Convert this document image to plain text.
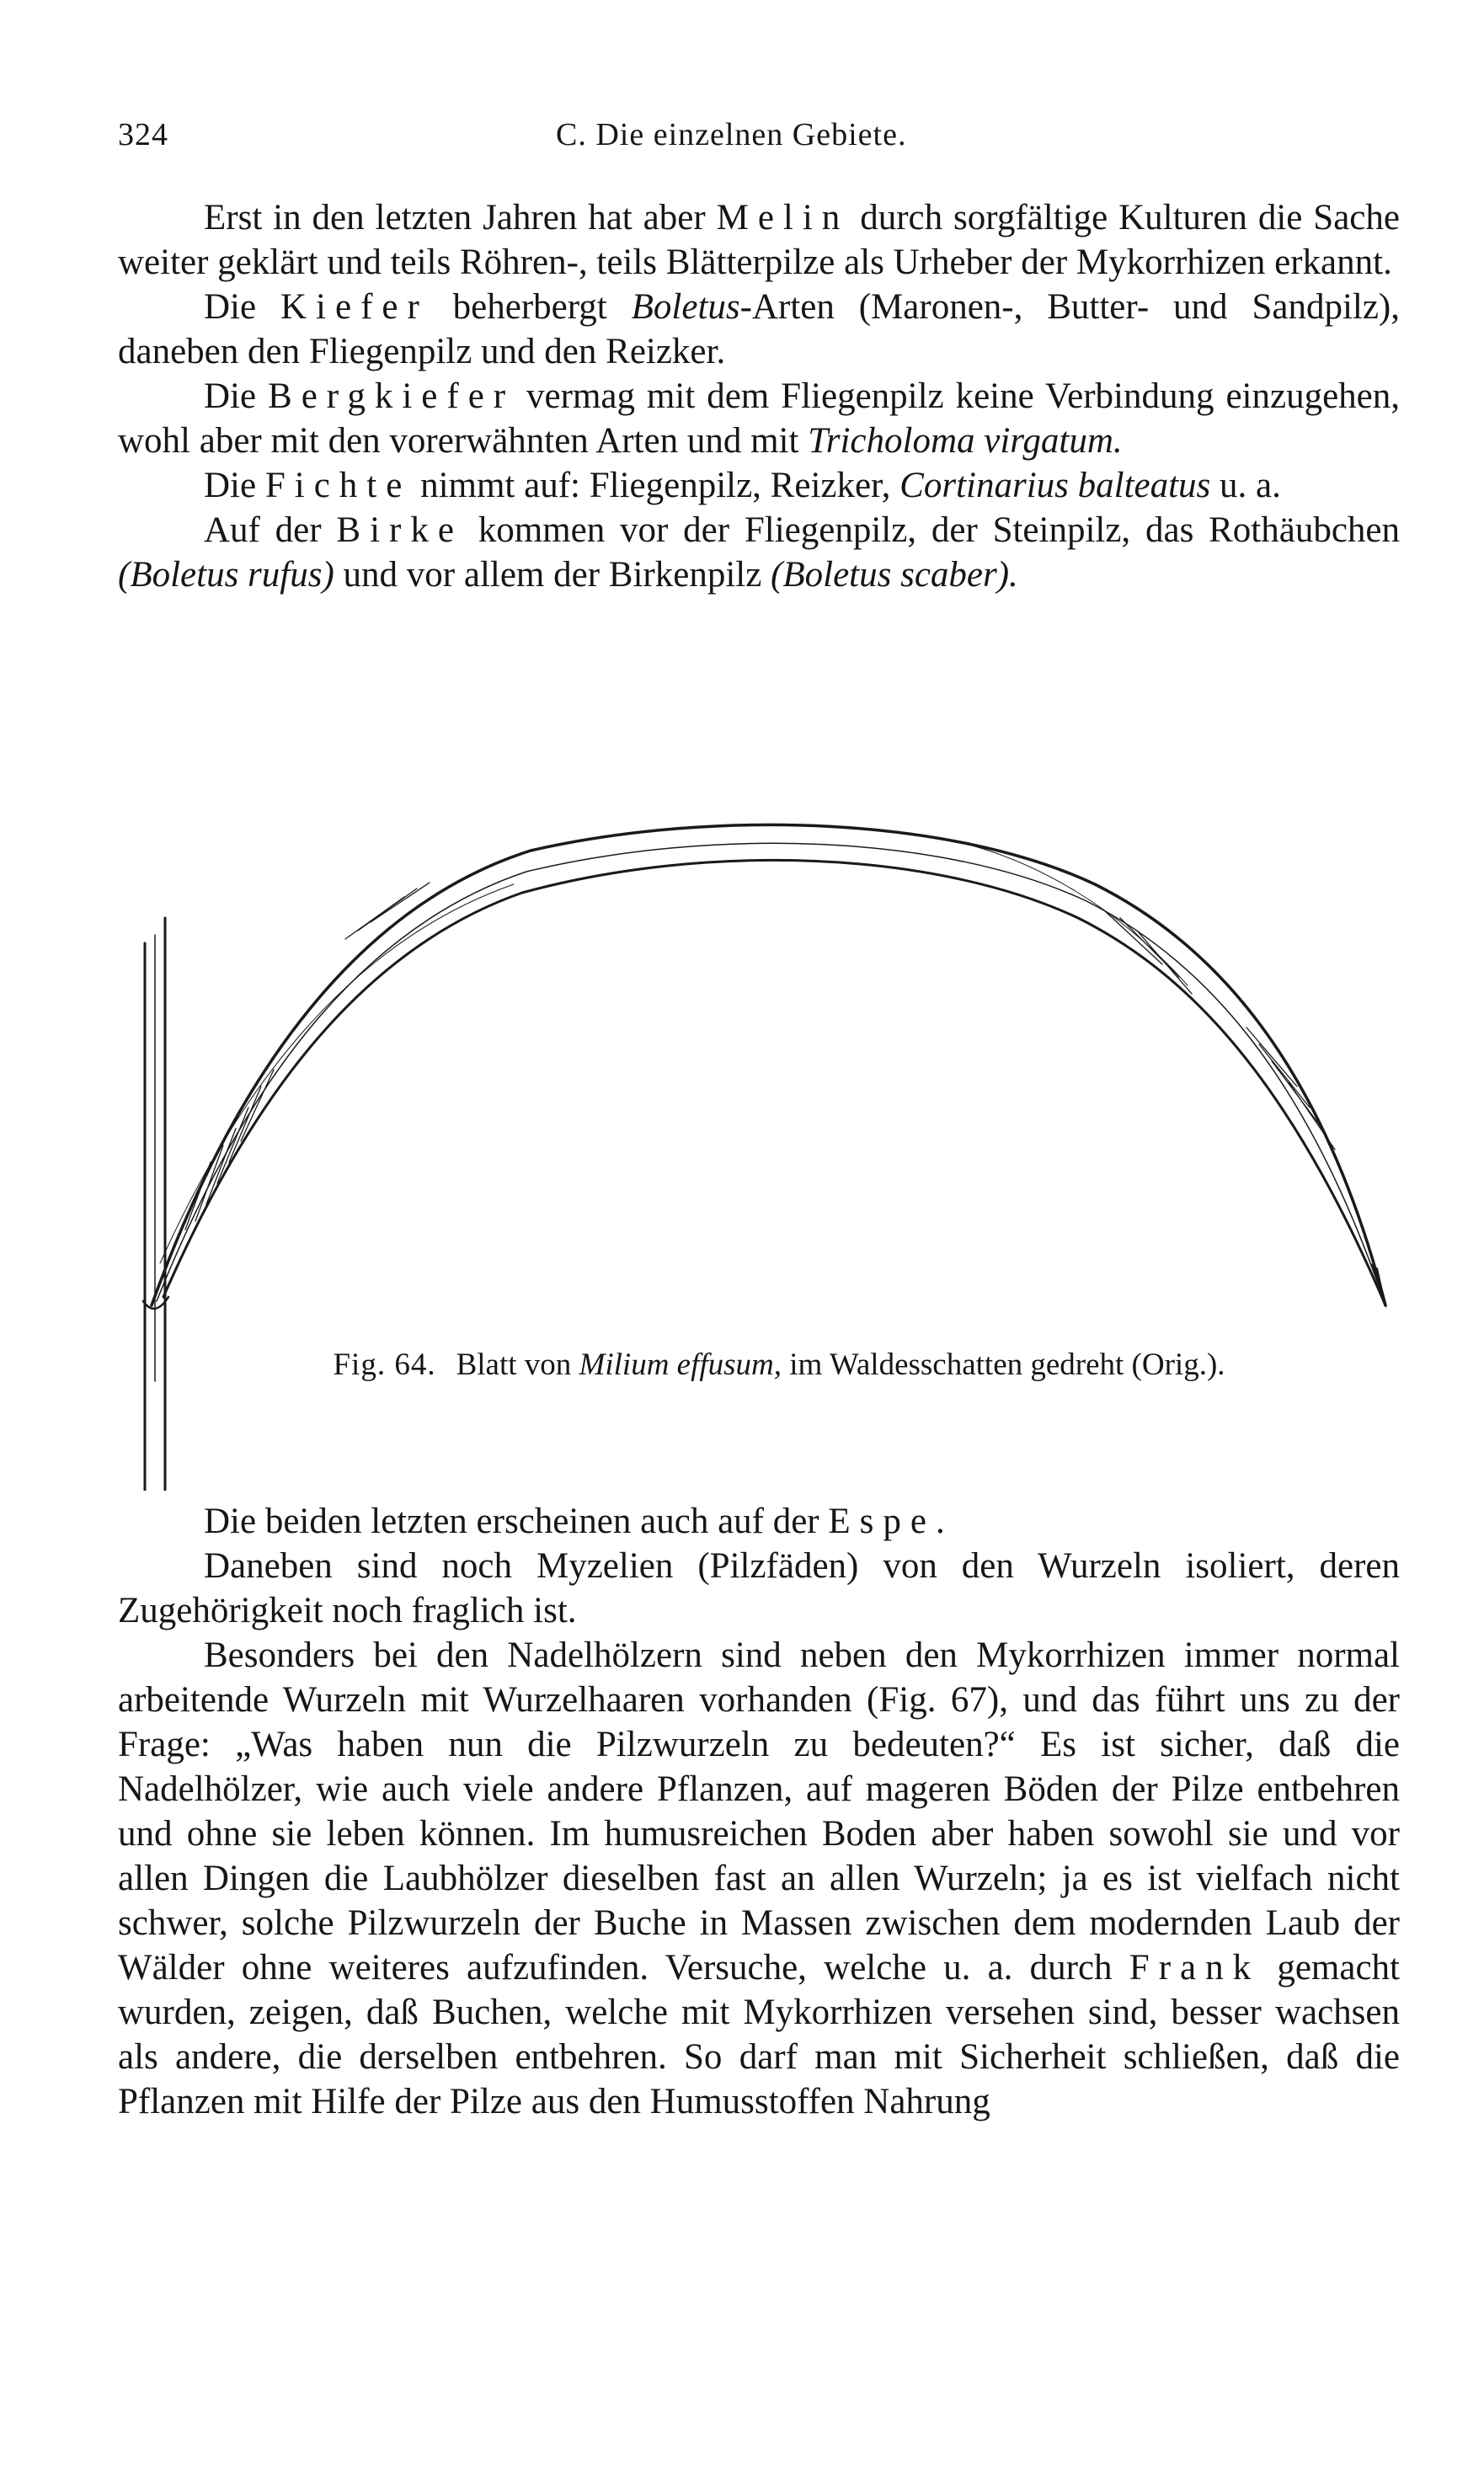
324	C. Die einzelnen Gebiete.

Erst in den letzten Jahren hat aber Melin durch sorgfältige Kulturen die Sache weiter geklärt und teils Röhren-, teils Blätterpilze als Urheber der Mykorrhizen erkannt.

Die Kiefer beherbergt Boletus-Arten (Maronen-, Butter- und Sandpilz), daneben den Fliegenpilz und den Reizker.

Die Bergkiefer vermag mit dem Fliegenpilz keine Verbindung einzugehen, wohl aber mit den vorerwähnten Arten und mit Tricholoma virgatum.

Die Fichte nimmt auf: Fliegenpilz, Reizker, Cortinarius balteatus u. a.

Auf der Birke kommen vor der Fliegenpilz, der Steinpilz, das Rothäubchen (Boletus rufus) und vor allem der Birkenpilz (Boletus scaber).

Fig. 64. Blatt von Milium effusum, im Waldesschatten gedreht (Orig.).

Die beiden letzten erscheinen auch auf der Espe.

Daneben sind noch Myzelien (Pilzfäden) von den Wurzeln isoliert, deren Zugehörigkeit noch fraglich ist.

Besonders bei den Nadelhölzern sind neben den Mykorrhizen immer normal arbeitende Wurzeln mit Wurzelhaaren vorhanden (Fig. 67), und das führt uns zu der Frage: „Was haben nun die Pilzwurzeln zu bedeuten?“ Es ist sicher, daß die Nadelhölzer, wie auch viele andere Pflanzen, auf mageren Böden der Pilze entbehren und ohne sie leben können. Im humusreichen Boden aber haben sowohl sie und vor allen Dingen die Laubhölzer dieselben fast an allen Wurzeln; ja es ist vielfach nicht schwer, solche Pilzwurzeln der Buche in Massen zwischen dem modernden Laub der Wälder ohne weiteres aufzufinden. Versuche, welche u. a. durch Frank gemacht wurden, zeigen, daß Buchen, welche mit Mykorrhizen versehen sind, besser wachsen als andere, die derselben entbehren. So darf man mit Sicherheit schließen, daß die Pflanzen mit Hilfe der Pilze aus den Humusstoffen Nahrung
